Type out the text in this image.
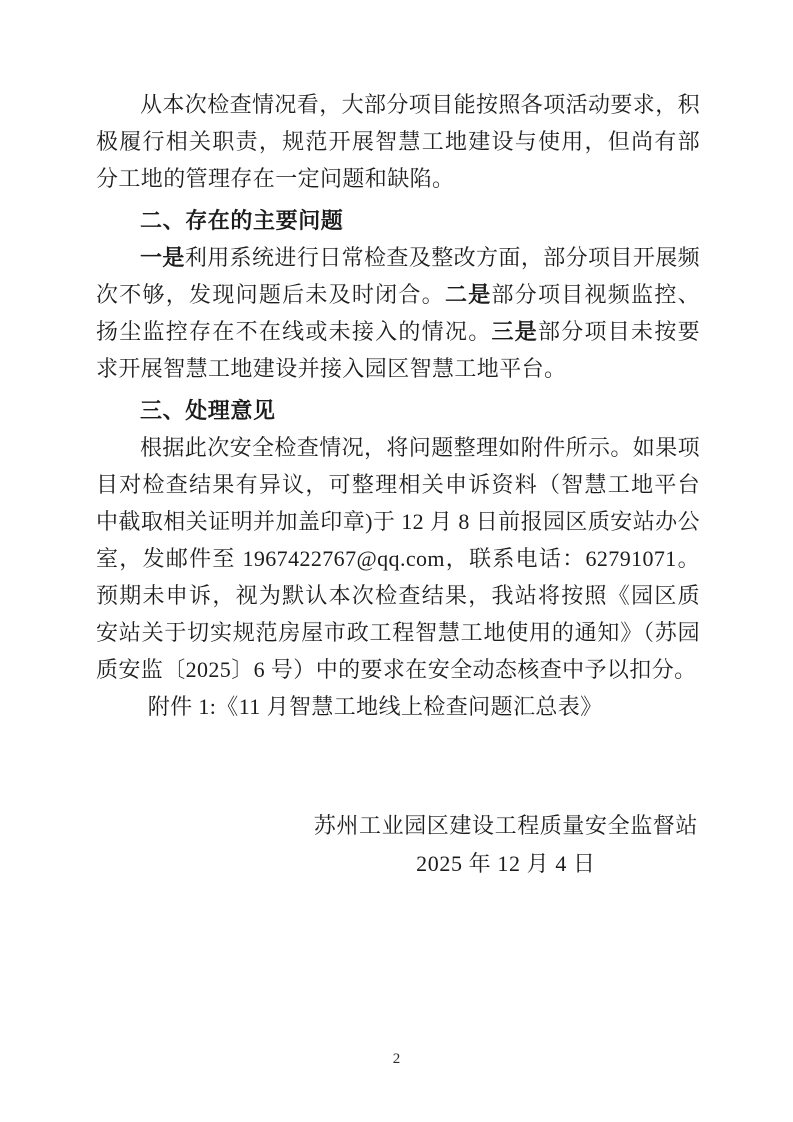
从本次检查情况看，大部分项目能按照各项活动要求，积极履行相关职责，规范开展智慧工地建设与使用，但尚有部分工地的管理存在一定问题和缺陷。

二、存在的主要问题

一是利用系统进行日常检查及整改方面，部分项目开展频次不够，发现问题后未及时闭合。二是部分项目视频监控、扬尘监控存在不在线或未接入的情况。三是部分项目未按要求开展智慧工地建设并接入园区智慧工地平台。

三、处理意见

根据此次安全检查情况，将问题整理如附件所示。如果项目对检查结果有异议，可整理相关申诉资料（智慧工地平台中截取相关证明并加盖印章)于 12 月 8 日前报园区质安站办公室，发邮件至 1967422767@qq.com，联系电话：62791071。预期未申诉，视为默认本次检查结果，我站将按照《园区质安站关于切实规范房屋市政工程智慧工地使用的通知》（苏园质安监〔2025〕6 号）中的要求在安全动态核查中予以扣分。

附件 1:《11 月智慧工地线上检查问题汇总表》

苏州工业园区建设工程质量安全监督站
2025 年 12 月 4 日
2
